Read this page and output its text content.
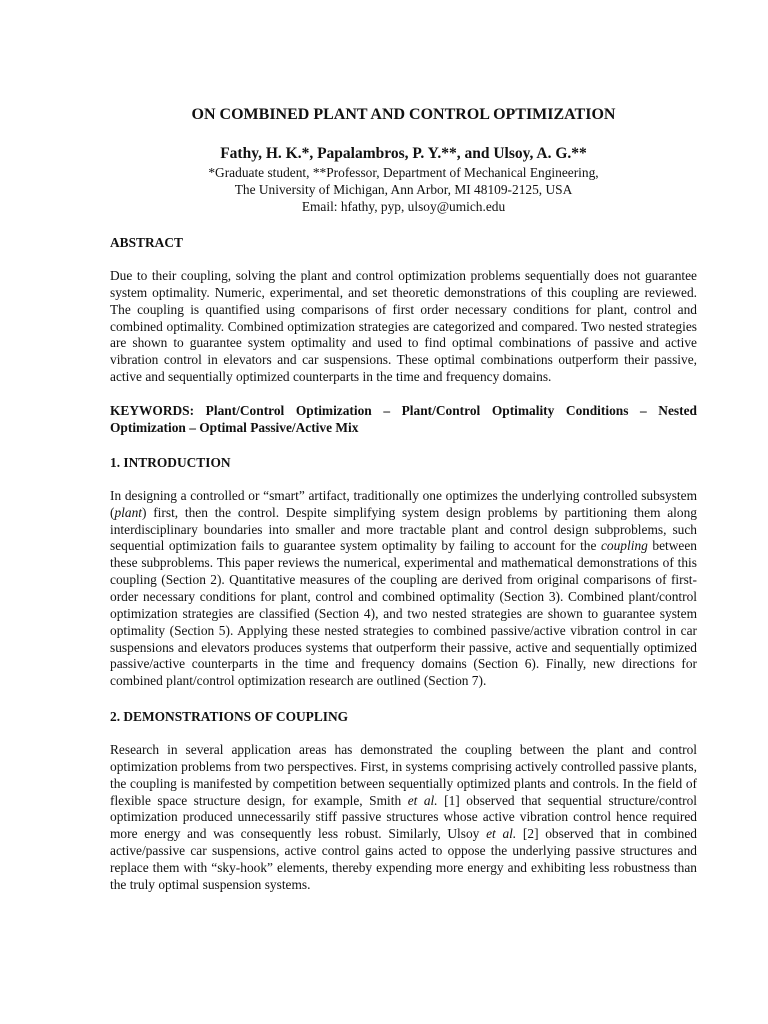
ON COMBINED PLANT AND CONTROL OPTIMIZATION
Fathy, H. K.*, Papalambros, P. Y.**, and Ulsoy, A. G.**
*Graduate student, **Professor, Department of Mechanical Engineering,
The University of Michigan, Ann Arbor, MI 48109-2125, USA
Email: hfathy, pyp, ulsoy@umich.edu
ABSTRACT
Due to their coupling, solving the plant and control optimization problems sequentially does not guarantee system optimality. Numeric, experimental, and set theoretic demonstrations of this coupling are reviewed. The coupling is quantified using comparisons of first order necessary conditions for plant, control and combined optimality. Combined optimization strategies are categorized and compared. Two nested strategies are shown to guarantee system optimality and used to find optimal combinations of passive and active vibration control in elevators and car suspensions. These optimal combinations outperform their passive, active and sequentially optimized counterparts in the time and frequency domains.
KEYWORDS: Plant/Control Optimization – Plant/Control Optimality Conditions – Nested Optimization – Optimal Passive/Active Mix
1. INTRODUCTION
In designing a controlled or “smart” artifact, traditionally one optimizes the underlying controlled subsystem (plant) first, then the control. Despite simplifying system design problems by partitioning them along interdisciplinary boundaries into smaller and more tractable plant and control design subproblems, such sequential optimization fails to guarantee system optimality by failing to account for the coupling between these subproblems. This paper reviews the numerical, experimental and mathematical demonstrations of this coupling (Section 2). Quantitative measures of the coupling are derived from original comparisons of first-order necessary conditions for plant, control and combined optimality (Section 3). Combined plant/control optimization strategies are classified (Section 4), and two nested strategies are shown to guarantee system optimality (Section 5). Applying these nested strategies to combined passive/active vibration control in car suspensions and elevators produces systems that outperform their passive, active and sequentially optimized passive/active counterparts in the time and frequency domains (Section 6). Finally, new directions for combined plant/control optimization research are outlined (Section 7).
2. DEMONSTRATIONS OF COUPLING
Research in several application areas has demonstrated the coupling between the plant and control optimization problems from two perspectives. First, in systems comprising actively controlled passive plants, the coupling is manifested by competition between sequentially optimized plants and controls. In the field of flexible space structure design, for example, Smith et al. [1] observed that sequential structure/control optimization produced unnecessarily stiff passive structures whose active vibration control hence required more energy and was consequently less robust. Similarly, Ulsoy et al. [2] observed that in combined active/passive car suspensions, active control gains acted to oppose the underlying passive structures and replace them with “sky-hook” elements, thereby expending more energy and exhibiting less robustness than the truly optimal suspension systems.
